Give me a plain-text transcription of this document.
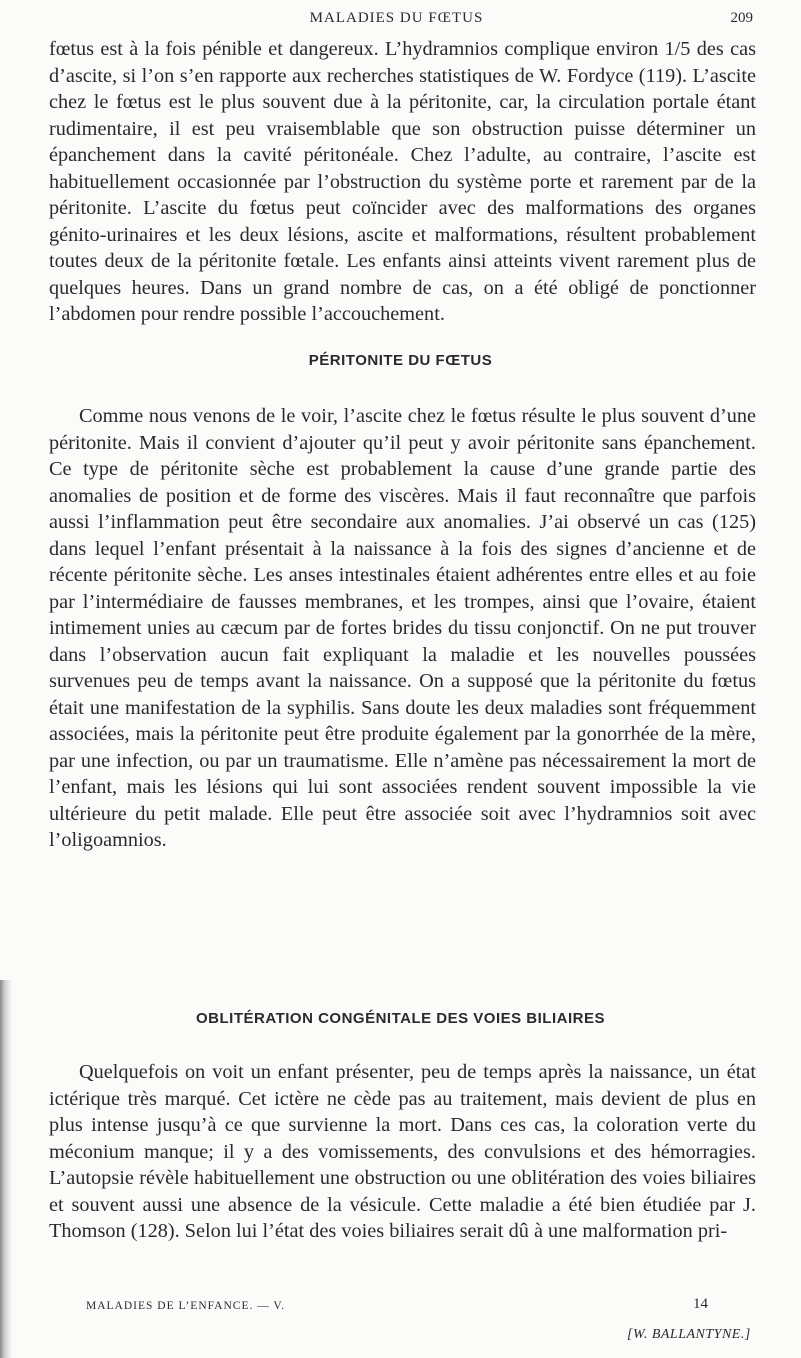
MALADIES DU FŒTUS	209

fœtus est à la fois pénible et dangereux. L’hydramnios complique environ 1/5 des cas d’ascite, si l’on s’en rapporte aux recherches statistiques de W. Fordyce (119). L’ascite chez le fœtus est le plus souvent due à la péritonite, car, la circulation portale étant rudimentaire, il est peu vraisemblable que son obstruction puisse déterminer un épanchement dans la cavité péritonéale. Chez l’adulte, au contraire, l’ascite est habituellement occasionnée par l’obstruction du système porte et rarement par de la péritonite. L’ascite du fœtus peut coïncider avec des malformations des organes génito-urinaires et les deux lésions, ascite et malformations, résultent probablement toutes deux de la péritonite fœtale. Les enfants ainsi atteints vivent rarement plus de quelques heures. Dans un grand nombre de cas, on a été obligé de ponctionner l’abdomen pour rendre possible l’accouchement.

PÉRITONITE DU FŒTUS

Comme nous venons de le voir, l’ascite chez le fœtus résulte le plus souvent d’une péritonite. Mais il convient d’ajouter qu’il peut y avoir péritonite sans épanchement. Ce type de péritonite sèche est probablement la cause d’une grande partie des anomalies de position et de forme des viscères. Mais il faut reconnaître que parfois aussi l’inflammation peut être secondaire aux anomalies. J’ai observé un cas (125) dans lequel l’enfant présentait à la naissance à la fois des signes d’ancienne et de récente péritonite sèche. Les anses intestinales étaient adhérentes entre elles et au foie par l’intermédiaire de fausses membranes, et les trompes, ainsi que l’ovaire, étaient intimement unies au cæcum par de fortes brides du tissu conjonctif. On ne put trouver dans l’observation aucun fait expliquant la maladie et les nouvelles poussées survenues peu de temps avant la naissance. On a supposé que la péritonite du fœtus était une manifestation de la syphilis. Sans doute les deux maladies sont fréquemment associées, mais la péritonite peut être produite également par la gonorrhée de la mère, par une infection, ou par un traumatisme. Elle n’amène pas nécessairement la mort de l’enfant, mais les lésions qui lui sont associées rendent souvent impossible la vie ultérieure du petit malade. Elle peut être associée soit avec l’hydramnios soit avec l’oligoamnios.

OBLITÉRATION CONGÉNITALE DES VOIES BILIAIRES

Quelquefois on voit un enfant présenter, peu de temps après la naissance, un état ictérique très marqué. Cet ictère ne cède pas au traitement, mais devient de plus en plus intense jusqu’à ce que survienne la mort. Dans ces cas, la coloration verte du méconium manque; il y a des vomissements, des convulsions et des hémorragies. L’autopsie révèle habituellement une obstruction ou une oblitération des voies biliaires et souvent aussi une absence de la vésicule. Cette maladie a été bien étudiée par J. Thomson (128). Selon lui l’état des voies biliaires serait dû à une malformation pri-

MALADIES DE L’ENFANCE. — V.	14
[W. BALLANTYNE.]
